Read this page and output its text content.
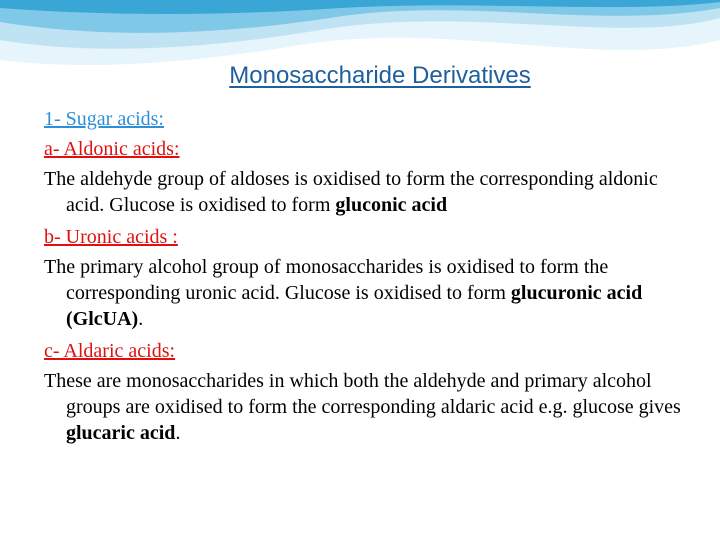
Monosaccharide Derivatives
1- Sugar acids:
a- Aldonic acids:
The aldehyde group of aldoses is oxidised to form the corresponding aldonic acid. Glucose is oxidised to form gluconic acid
b- Uronic acids :
The primary alcohol group of monosaccharides is oxidised to form the corresponding uronic acid. Glucose is oxidised to form glucuronic acid (GlcUA).
c- Aldaric acids:
These are monosaccharides in which both the aldehyde and primary alcohol groups are oxidised to form the corresponding aldaric acid e.g. glucose gives glucaric acid.
